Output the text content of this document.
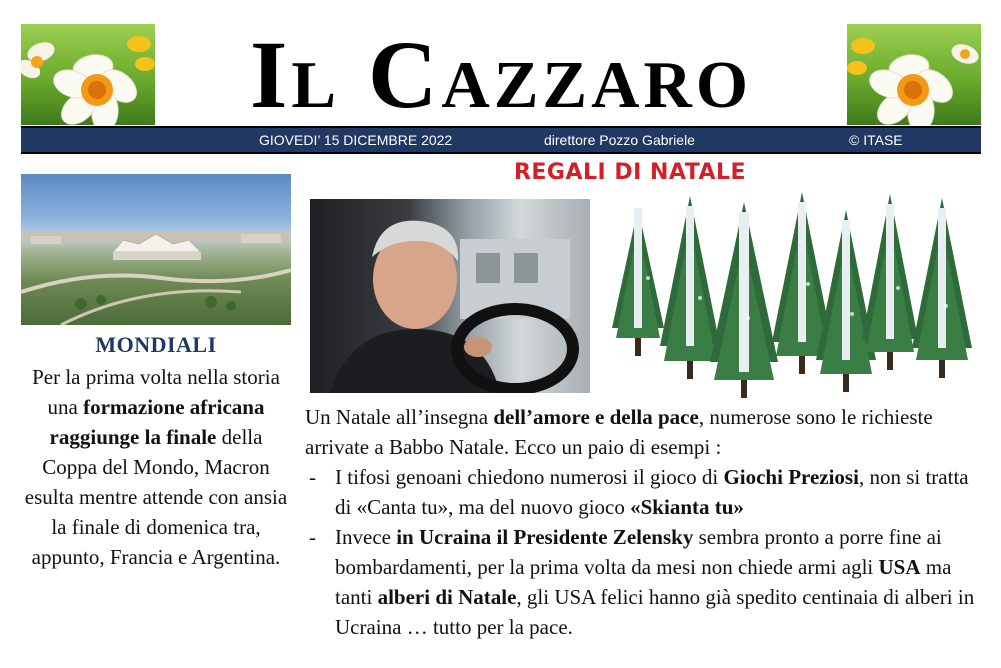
Il Cazzaro
GIOVEDI’ 15 DICEMBRE 2022	direttore Pozzo Gabriele	© ITASE
MONDIALI
Per la prima volta nella storia una formazione africana raggiunge la finale della Coppa del Mondo, Macron esulta mentre attende con ansia la finale di domenica tra, appunto, Francia e Argentina.
REGALI DI NATALE
Un Natale all’insegna dell’amore e della pace, numerose sono le richieste arrivate a Babbo Natale. Ecco un paio di esempi :
- I tifosi genoani chiedono numerosi il gioco di Giochi Preziosi, non si tratta di «Canta tu», ma del nuovo gioco «Skianta tu»
- Invece in Ucraina il Presidente Zelensky sembra pronto a porre fine ai bombardamenti, per la prima volta da mesi non chiede armi agli USA ma tanti alberi di Natale, gli USA felici hanno già spedito centinaia di alberi in Ucraina … tutto per la pace.
